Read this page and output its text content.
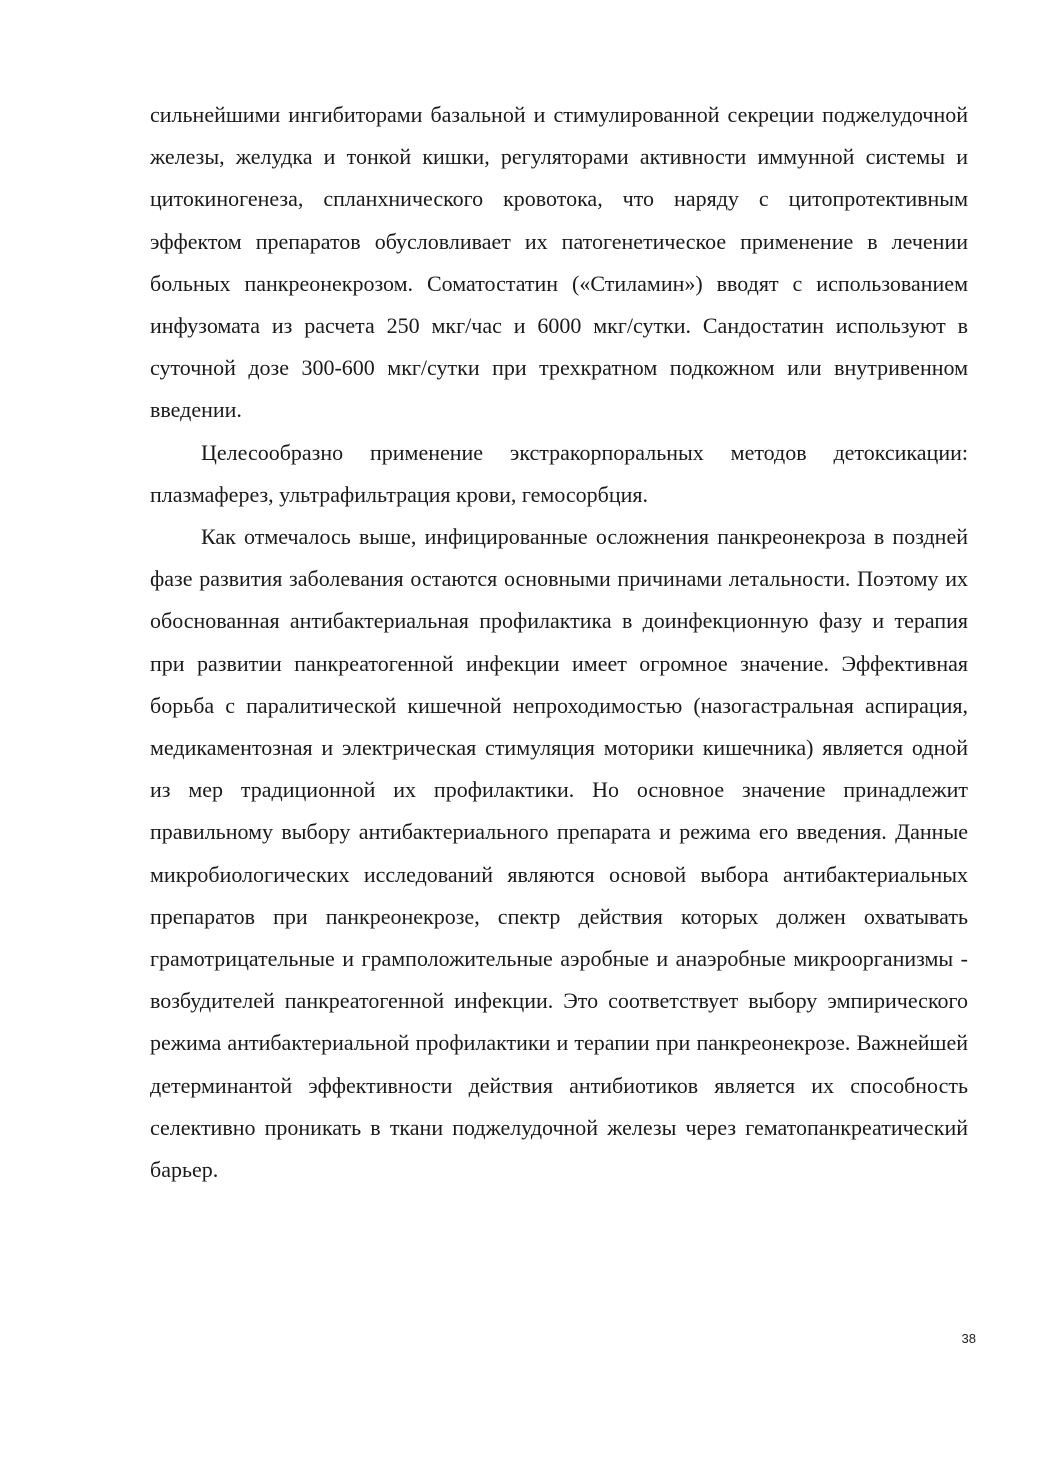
сильнейшими ингибиторами базальной и стимулированной секреции поджелудочной железы, желудка и тонкой кишки, регуляторами активности иммунной системы и цитокиногенеза, спланхнического кровотока, что наряду с цитопротективным эффектом препаратов обусловливает их патогенетическое применение в лечении больных панкреонекрозом. Соматостатин («Стиламин») вводят с использованием инфузомата из расчета 250 мкг/час и 6000 мкг/сутки. Сандостатин используют в суточной дозе 300-600 мкг/сутки при трехкратном подкожном или внутривенном введении.

Целесообразно применение экстракорпоральных методов детоксикации: плазмаферез, ультрафильтрация крови, гемосорбция.

Как отмечалось выше, инфицированные осложнения панкреонекроза в поздней фазе развития заболевания остаются основными причинами летальности. Поэтому их обоснованная антибактериальная профилактика в доинфекционную фазу и терапия при развитии панкреатогенной инфекции имеет огромное значение. Эффективная борьба с паралитической кишечной непроходимостью (назогастральная аспирация, медикаментозная и электрическая стимуляция моторики кишечника) является одной из мер традиционной их профилактики. Но основное значение принадлежит правильному выбору антибактериального препарата и режима его введения. Данные микробиологических исследований являются основой выбора антибактериальных препаратов при панкреонекрозе, спектр действия которых должен охватывать грамотрицательные и грамположительные аэробные и анаэробные микроорганизмы - возбудителей панкреатогенной инфекции. Это соответствует выбору эмпирического режима антибактериальной профилактики и терапии при панкреонекрозе. Важнейшей детерминантой эффективности действия антибиотиков является их способность селективно проникать в ткани поджелудочной железы через гематопанкреатический барьер.

38
